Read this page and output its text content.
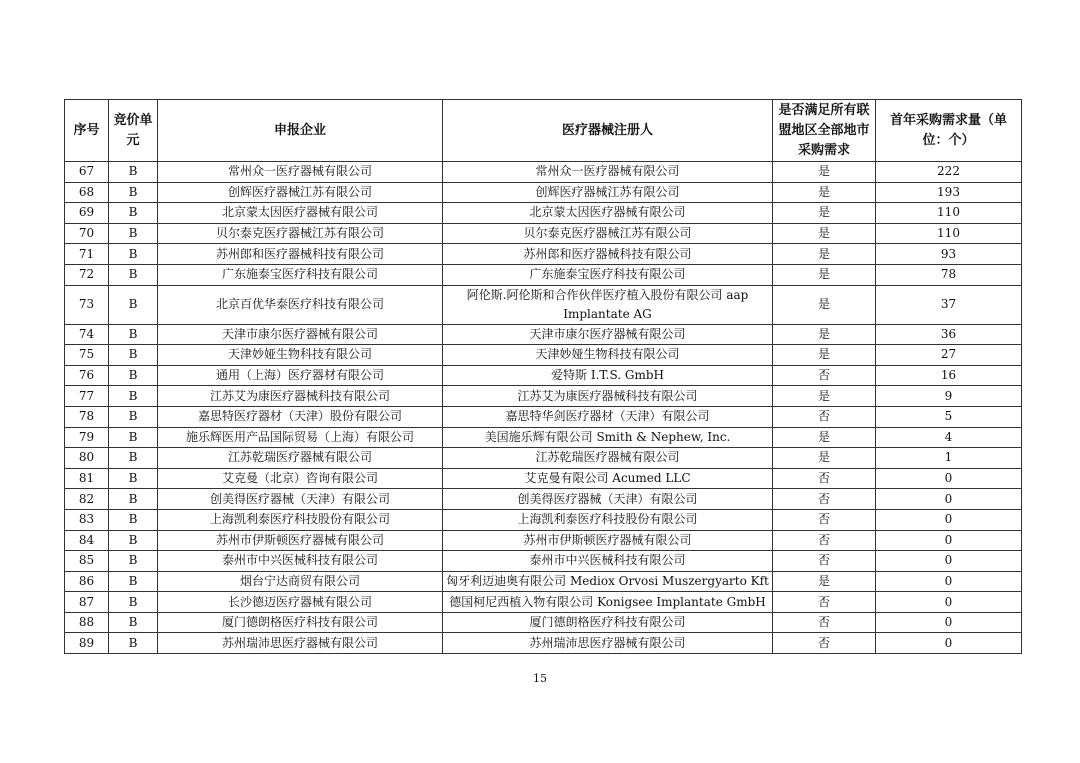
序号	竞价单元	申报企业	医疗器械注册人	是否满足所有联盟地区全部地市采购需求	首年采购需求量（单位：个）
67	B	常州众一医疗器械有限公司	常州众一医疗器械有限公司	是	222
68	B	创辉医疗器械江苏有限公司	创辉医疗器械江苏有限公司	是	193
69	B	北京蒙太因医疗器械有限公司	北京蒙太因医疗器械有限公司	是	110
70	B	贝尔泰克医疗器械江苏有限公司	贝尔泰克医疗器械江苏有限公司	是	110
71	B	苏州郎和医疗器械科技有限公司	苏州郎和医疗器械科技有限公司	是	93
72	B	广东施泰宝医疗科技有限公司	广东施泰宝医疗科技有限公司	是	78
73	B	北京百优华泰医疗科技有限公司	阿伦斯.阿伦斯和合作伙伴医疗植入股份有限公司 aap Implantate AG	是	37
74	B	天津市康尔医疗器械有限公司	天津市康尔医疗器械有限公司	是	36
75	B	天津妙娅生物科技有限公司	天津妙娅生物科技有限公司	是	27
76	B	通用（上海）医疗器材有限公司	爱特斯 I.T.S. GmbH	否	16
77	B	江苏艾为康医疗器械科技有限公司	江苏艾为康医疗器械科技有限公司	是	9
78	B	嘉思特医疗器材（天津）股份有限公司	嘉思特华剑医疗器材（天津）有限公司	否	5
79	B	施乐辉医用产品国际贸易（上海）有限公司	美国施乐辉有限公司 Smith & Nephew, Inc.	是	4
80	B	江苏乾瑞医疗器械有限公司	江苏乾瑞医疗器械有限公司	是	1
81	B	艾克曼（北京）咨询有限公司	艾克曼有限公司 Acumed LLC	否	0
82	B	创美得医疗器械（天津）有限公司	创美得医疗器械（天津）有限公司	否	0
83	B	上海凯利泰医疗科技股份有限公司	上海凯利泰医疗科技股份有限公司	否	0
84	B	苏州市伊斯顿医疗器械有限公司	苏州市伊斯顿医疗器械有限公司	否	0
85	B	泰州市中兴医械科技有限公司	泰州市中兴医械科技有限公司	否	0
86	B	烟台宁达商贸有限公司	匈牙利迈迪奥有限公司 Mediox Orvosi Muszergyarto Kft	是	0
87	B	长沙德迈医疗器械有限公司	德国柯尼西植入物有限公司 Konigsee Implantate GmbH	否	0
88	B	厦门德朗格医疗科技有限公司	厦门德朗格医疗科技有限公司	否	0
89	B	苏州瑞沛思医疗器械有限公司	苏州瑞沛思医疗器械有限公司	否	0
15
